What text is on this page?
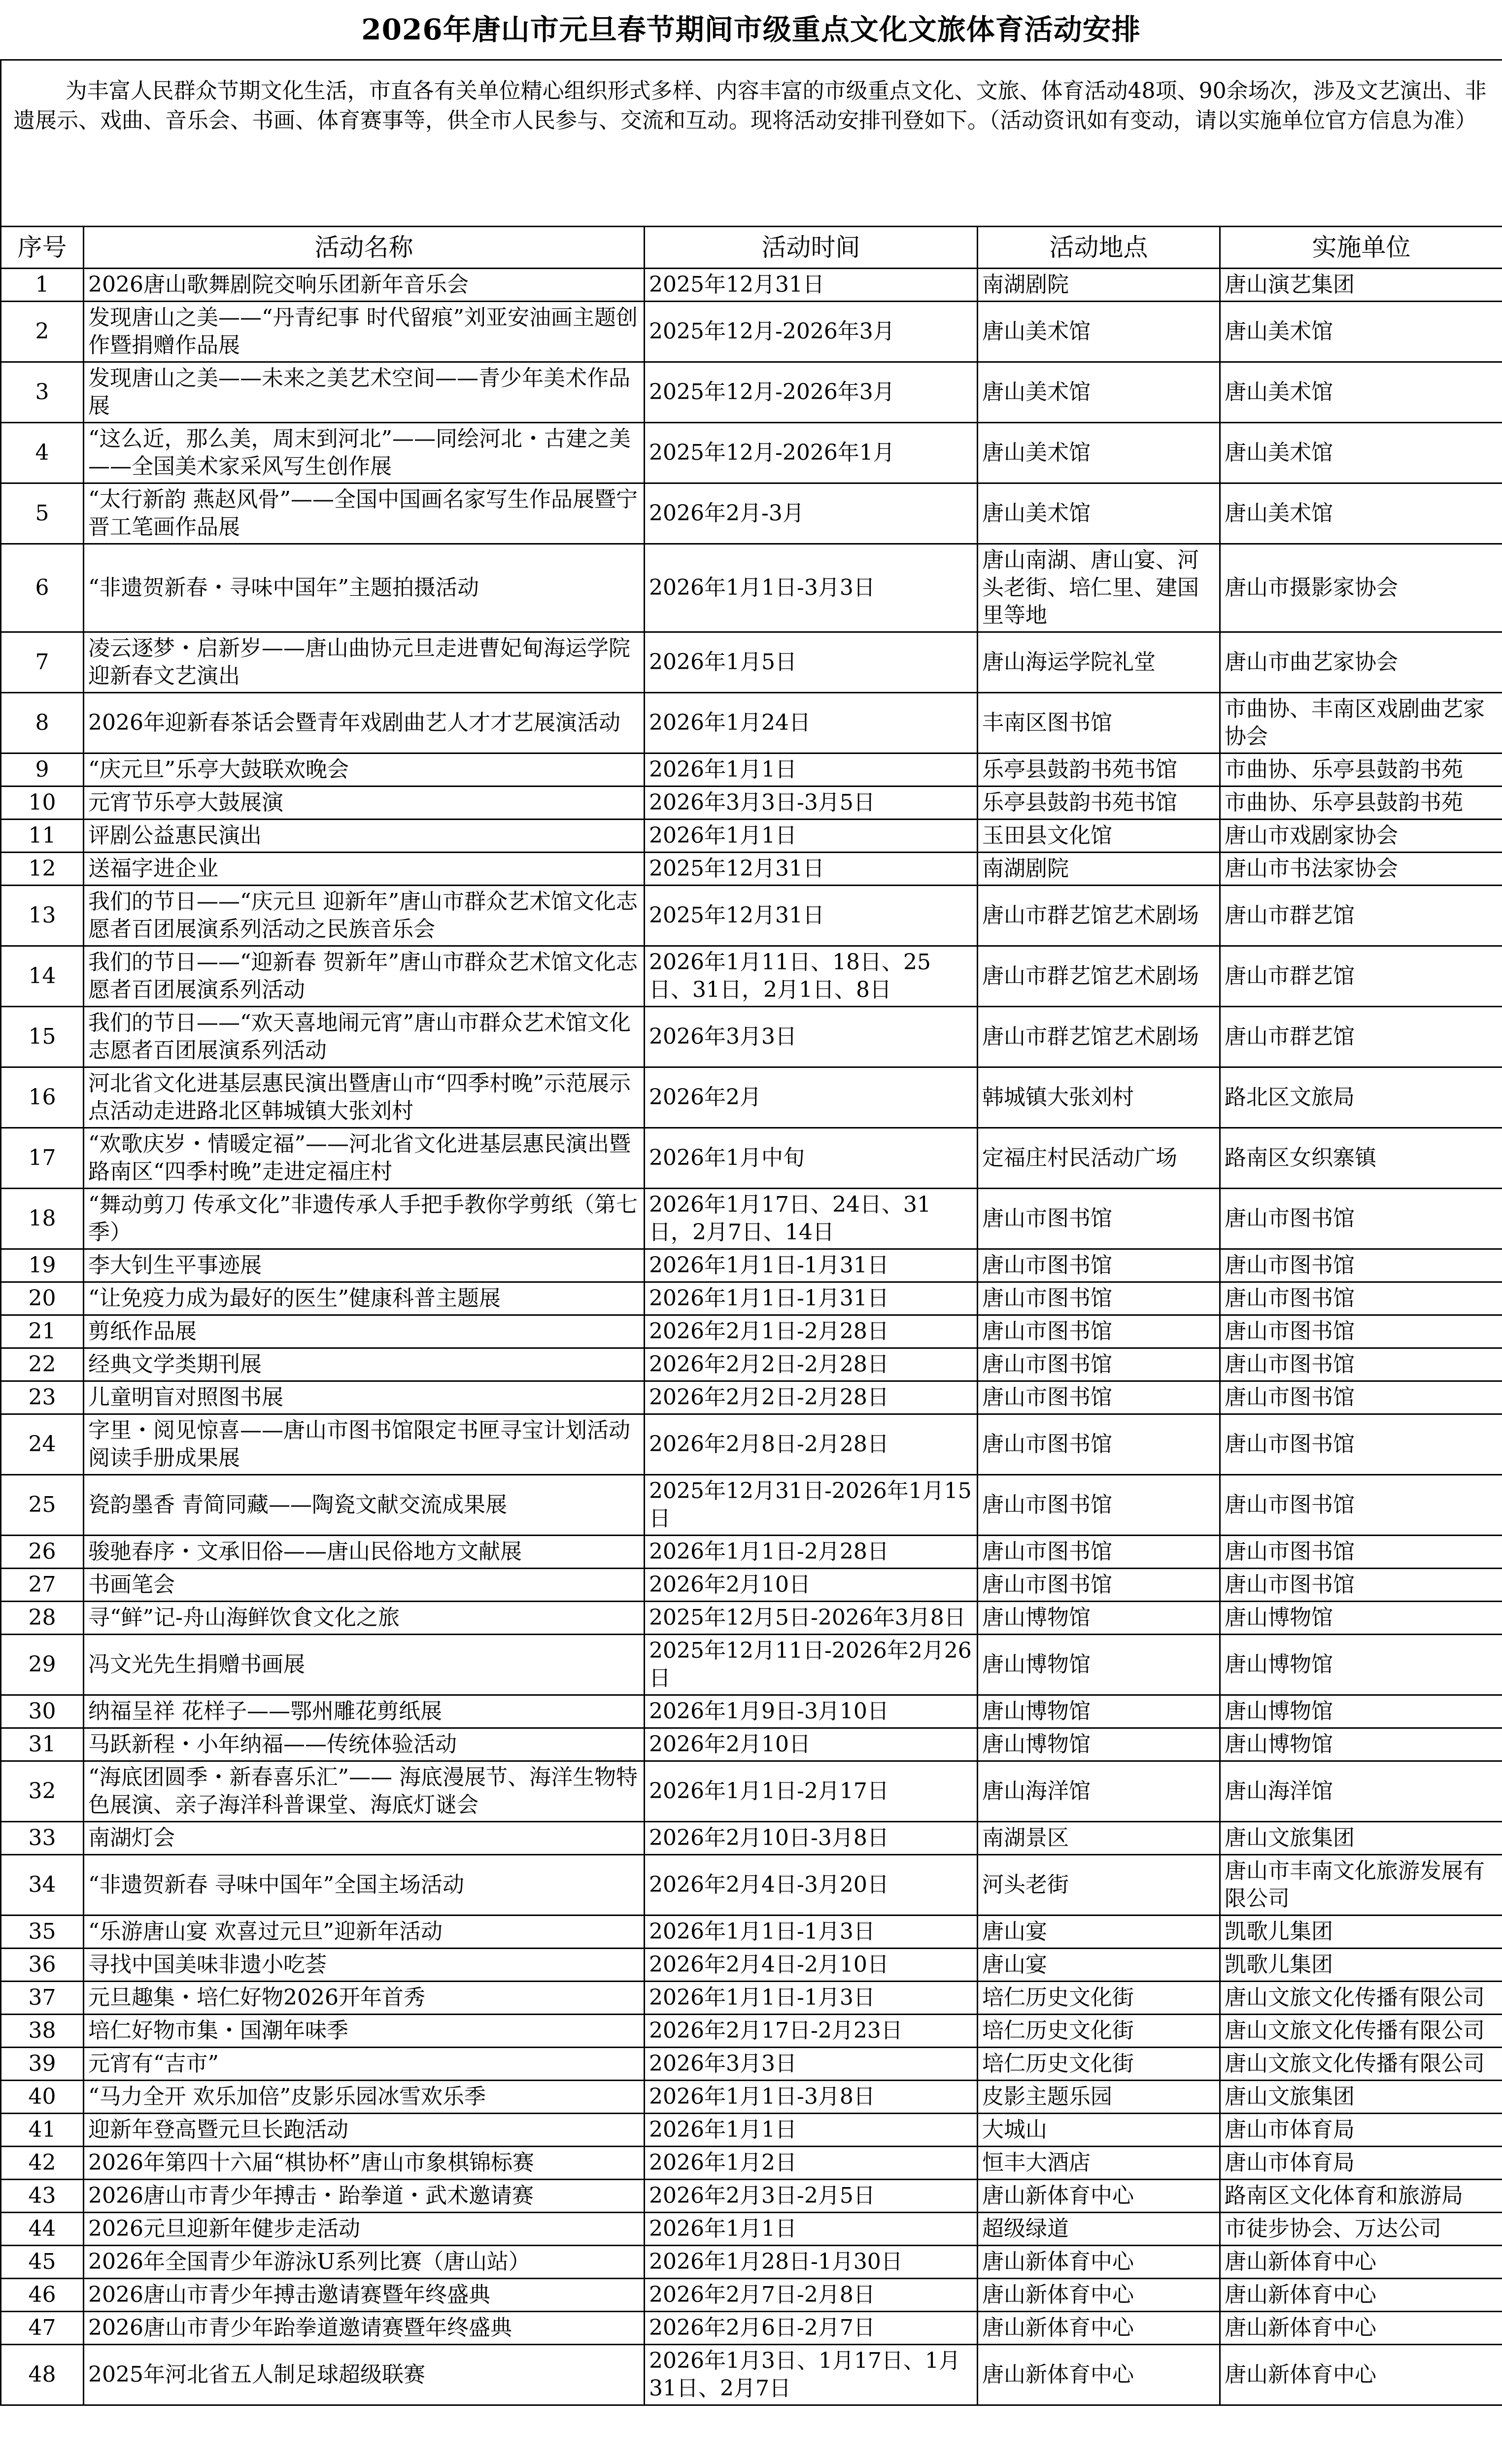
2026年唐山市元旦春节期间市级重点文化文旅体育活动安排
为丰富人民群众节期文化生活，市直各有关单位精心组织形式多样、内容丰富的市级重点文化、文旅、体育活动48项、90余场次，涉及文艺演出、非遗展示、戏曲、音乐会、书画、体育赛事等，供全市人民参与、交流和互动。现将活动安排刊登如下。（活动资讯如有变动，请以实施单位官方信息为准）				
序号	活动名称	活动时间	活动地点	实施单位
1	2026唐山歌舞剧院交响乐团新年音乐会	2025年12月31日	南湖剧院	唐山演艺集团
2	发现唐山之美——“丹青纪事 时代留痕”刘亚安油画主题创作暨捐赠作品展	2025年12月-2026年3月	唐山美术馆	唐山美术馆
3	发现唐山之美——未来之美艺术空间——青少年美术作品展	2025年12月-2026年3月	唐山美术馆	唐山美术馆
4	“这么近，那么美，周末到河北”——同绘河北・古建之美——全国美术家采风写生创作展	2025年12月-2026年1月	唐山美术馆	唐山美术馆
5	“太行新韵 燕赵风骨”——全国中国画名家写生作品展暨宁晋工笔画作品展	2026年2月-3月	唐山美术馆	唐山美术馆
6	“非遗贺新春・寻味中国年”主题拍摄活动	2026年1月1日-3月3日	唐山南湖、唐山宴、河头老街、培仁里、建国里等地	唐山市摄影家协会
7	凌云逐梦・启新岁——唐山曲协元旦走进曹妃甸海运学院迎新春文艺演出	2026年1月5日	唐山海运学院礼堂	唐山市曲艺家协会
8	2026年迎新春茶话会暨青年戏剧曲艺人才才艺展演活动	2026年1月24日	丰南区图书馆	市曲协、丰南区戏剧曲艺家协会
9	“庆元旦”乐亭大鼓联欢晚会	2026年1月1日	乐亭县鼓韵书苑书馆	市曲协、乐亭县鼓韵书苑
10	元宵节乐亭大鼓展演	2026年3月3日-3月5日	乐亭县鼓韵书苑书馆	市曲协、乐亭县鼓韵书苑
11	评剧公益惠民演出	2026年1月1日	玉田县文化馆	唐山市戏剧家协会
12	送福字进企业	2025年12月31日	南湖剧院	唐山市书法家协会
13	我们的节日——“庆元旦 迎新年”唐山市群众艺术馆文化志愿者百团展演系列活动之民族音乐会	2025年12月31日	唐山市群艺馆艺术剧场	唐山市群艺馆
14	我们的节日——“迎新春 贺新年”唐山市群众艺术馆文化志愿者百团展演系列活动	2026年1月11日、18日、25日、31日，2月1日、8日	唐山市群艺馆艺术剧场	唐山市群艺馆
15	我们的节日——“欢天喜地闹元宵”唐山市群众艺术馆文化志愿者百团展演系列活动	2026年3月3日	唐山市群艺馆艺术剧场	唐山市群艺馆
16	河北省文化进基层惠民演出暨唐山市“四季村晚”示范展示点活动走进路北区韩城镇大张刘村	2026年2月	韩城镇大张刘村	路北区文旅局
17	“欢歌庆岁・情暖定福”——河北省文化进基层惠民演出暨路南区“四季村晚”走进定福庄村	2026年1月中旬	定福庄村民活动广场	路南区女织寨镇
18	“舞动剪刀 传承文化”非遗传承人手把手教你学剪纸（第七季）	2026年1月17日、24日、31日，2月7日、14日	唐山市图书馆	唐山市图书馆
19	李大钊生平事迹展	2026年1月1日-1月31日	唐山市图书馆	唐山市图书馆
20	“让免疫力成为最好的医生”健康科普主题展	2026年1月1日-1月31日	唐山市图书馆	唐山市图书馆
21	剪纸作品展	2026年2月1日-2月28日	唐山市图书馆	唐山市图书馆
22	经典文学类期刊展	2026年2月2日-2月28日	唐山市图书馆	唐山市图书馆
23	儿童明盲对照图书展	2026年2月2日-2月28日	唐山市图书馆	唐山市图书馆
24	字里・阅见惊喜——唐山市图书馆限定书匣寻宝计划活动阅读手册成果展	2026年2月8日-2月28日	唐山市图书馆	唐山市图书馆
25	瓷韵墨香 青简同藏——陶瓷文献交流成果展	2025年12月31日-2026年1月15日	唐山市图书馆	唐山市图书馆
26	骏驰春序・文承旧俗——唐山民俗地方文献展	2026年1月1日-2月28日	唐山市图书馆	唐山市图书馆
27	书画笔会	2026年2月10日	唐山市图书馆	唐山市图书馆
28	寻“鲜”记-舟山海鲜饮食文化之旅	2025年12月5日-2026年3月8日	唐山博物馆	唐山博物馆
29	冯文光先生捐赠书画展	2025年12月11日-2026年2月26日	唐山博物馆	唐山博物馆
30	纳福呈祥 花样子——鄂州雕花剪纸展	2026年1月9日-3月10日	唐山博物馆	唐山博物馆
31	马跃新程・小年纳福——传统体验活动	2026年2月10日	唐山博物馆	唐山博物馆
32	“海底团圆季・新春喜乐汇”—— 海底漫展节、海洋生物特色展演、亲子海洋科普课堂、海底灯谜会	2026年1月1日-2月17日	唐山海洋馆	唐山海洋馆
33	南湖灯会	2026年2月10日-3月8日	南湖景区	唐山文旅集团
34	“非遗贺新春 寻味中国年”全国主场活动	2026年2月4日-3月20日	河头老街	唐山市丰南文化旅游发展有限公司
35	“乐游唐山宴 欢喜过元旦”迎新年活动	2026年1月1日-1月3日	唐山宴	凯歌儿集团
36	寻找中国美味非遗小吃荟	2026年2月4日-2月10日	唐山宴	凯歌儿集团
37	元旦趣集・培仁好物2026开年首秀	2026年1月1日-1月3日	培仁历史文化街	唐山文旅文化传播有限公司
38	培仁好物市集・国潮年味季	2026年2月17日-2月23日	培仁历史文化街	唐山文旅文化传播有限公司
39	元宵有“吉市”	2026年3月3日	培仁历史文化街	唐山文旅文化传播有限公司
40	“马力全开 欢乐加倍”皮影乐园冰雪欢乐季	2026年1月1日-3月8日	皮影主题乐园	唐山文旅集团
41	迎新年登高暨元旦长跑活动	2026年1月1日	大城山	唐山市体育局
42	2026年第四十六届“棋协杯”唐山市象棋锦标赛	2026年1月2日	恒丰大酒店	唐山市体育局
43	2026唐山市青少年搏击・跆拳道・武术邀请赛	2026年2月3日-2月5日	唐山新体育中心	路南区文化体育和旅游局
44	2026元旦迎新年健步走活动	2026年1月1日	超级绿道	市徒步协会、万达公司
45	2026年全国青少年游泳U系列比赛（唐山站）	2026年1月28日-1月30日	唐山新体育中心	唐山新体育中心
46	2026唐山市青少年搏击邀请赛暨年终盛典	2026年2月7日-2月8日	唐山新体育中心	唐山新体育中心
47	2026唐山市青少年跆拳道邀请赛暨年终盛典	2026年2月6日-2月7日	唐山新体育中心	唐山新体育中心
48	2025年河北省五人制足球超级联赛	2026年1月3日、1月17日、1月31日、2月7日	唐山新体育中心	唐山新体育中心
